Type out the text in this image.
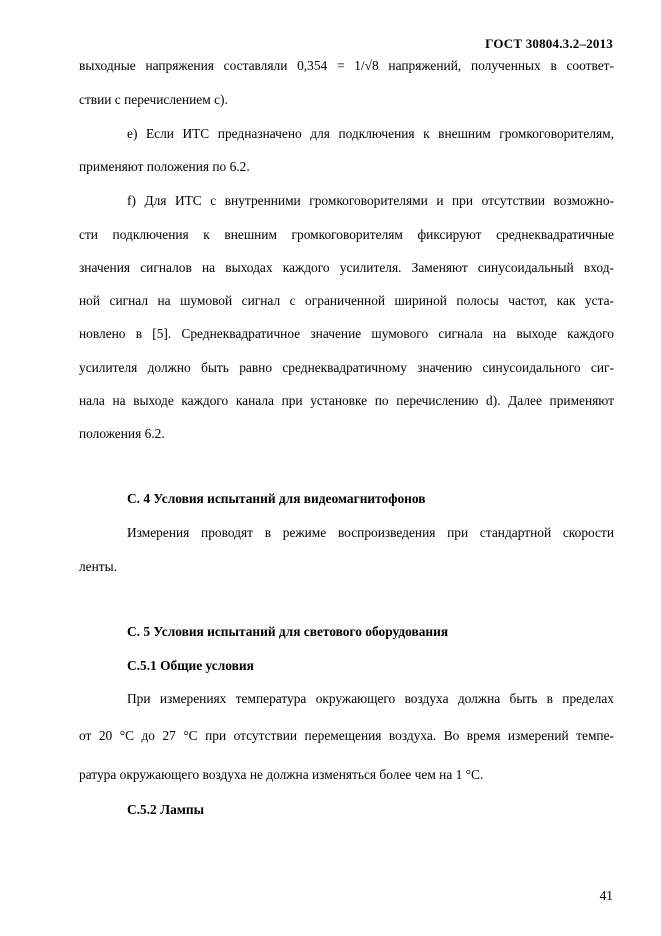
ГОСТ 30804.3.2–2013
выходные напряжения составляли 0,354 = 1/√8 напряжений, полученных в соответ-
ствии с перечислением c).
e) Если ИТС предназначено для подключения к внешним громкоговорителям,
применяют положения по 6.2.
f) Для ИТС с внутренними громкоговорителями и при отсутствии возможно-
сти подключения к внешним громкоговорителям фиксируют среднеквадратичные
значения сигналов на выходах каждого усилителя. Заменяют синусоидальный вход-
ной сигнал на шумовой сигнал с ограниченной шириной полосы частот, как уста-
новлено в [5]. Среднеквадратичное значение шумового сигнала на выходе каждого
усилителя должно быть равно среднеквадратичному значению синусоидального сиг-
нала на выходе каждого канала при установке по перечислению d). Далее применяют
положения 6.2.
С. 4 Условия испытаний для видеомагнитофонов
Измерения проводят в режиме воспроизведения при стандартной скорости
ленты.
С. 5 Условия испытаний для светового оборудования
С.5.1 Общие условия
При измерениях температура окружающего воздуха должна быть в пределах
от 20 °С до 27 °С при отсутствии перемещения воздуха. Во время измерений темпе-
ратура окружающего воздуха не должна изменяться более чем на 1 °С.
С.5.2 Лампы
41
